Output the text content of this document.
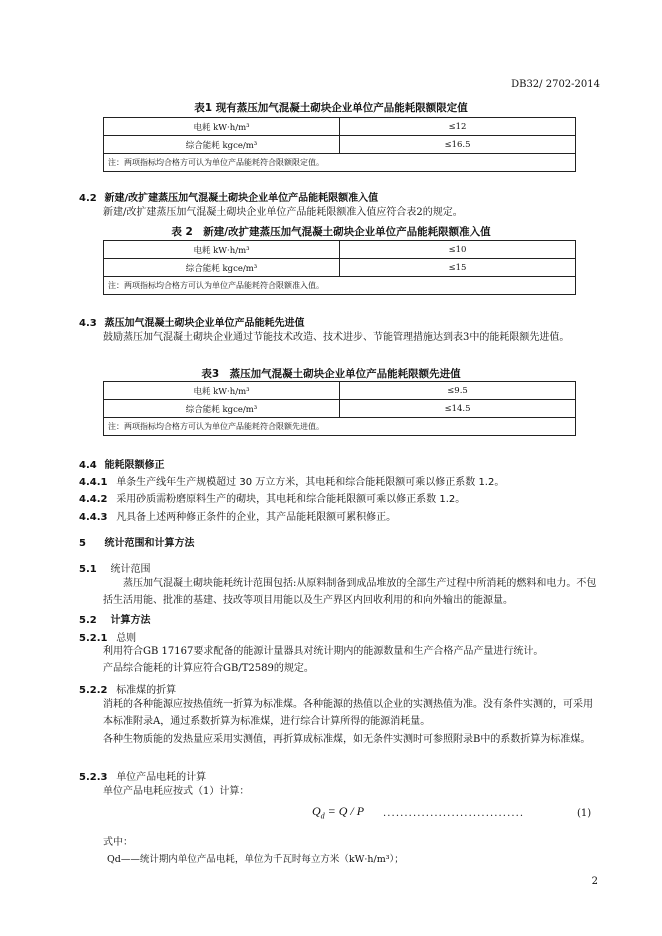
DB32/ 2702-2014
表1 现有蒸压加气混凝土砌块企业单位产品能耗限额限定值
电耗 kW·h/m³	≤12
综合能耗 kgce/m³	≤16.5
注：两项指标均合格方可认为单位产品能耗符合限额限定值。	
4.2 新建/改扩建蒸压加气混凝土砌块企业单位产品能耗限额准入值
新建/改扩建蒸压加气混凝土砌块企业单位产品能耗限额准入值应符合表2的规定。
表 2　新建/改扩建蒸压加气混凝土砌块企业单位产品能耗限额准入值
电耗 kW·h/m³	≤10
综合能耗 kgce/m³	≤15
注：两项指标均合格方可认为单位产品能耗符合限额准入值。	
4.3 蒸压加气混凝土砌块企业单位产品能耗先进值
鼓励蒸压加气混凝土砌块企业通过节能技术改造、技术进步、节能管理措施达到表3中的能耗限额先进值。
表3　蒸压加气混凝土砌块企业单位产品能耗限额先进值
电耗 kW·h/m³	≤9.5
综合能耗 kgce/m³	≤14.5
注：两项指标均合格方可认为单位产品能耗符合限额先进值。	
4.4 能耗限额修正
4.4.1 单条生产线年生产规模超过 30 万立方米，其电耗和综合能耗限额可乘以修正系数 1.2。
4.4.2 采用砂质需粉磨原料生产的砌块，其电耗和综合能耗限额可乘以修正系数 1.2。
4.4.3 凡具备上述两种修正条件的企业，其产品能耗限额可累积修正。
5 统计范围和计算方法
5.1 统计范围
蒸压加气混凝土砌块能耗统计范围包括:从原料制备到成品堆放的全部生产过程中所消耗的燃料和电力。不包括生活用能、批准的基建、技改等项目用能以及生产界区内回收利用的和向外输出的能源量。
5.2 计算方法
5.2.1 总则
利用符合GB 17167要求配备的能源计量器具对统计期内的能源数量和生产合格产品产量进行统计。
产品综合能耗的计算应符合GB/T2589的规定。
5.2.2 标准煤的折算
消耗的各种能源应按热值统一折算为标准煤。各种能源的热值以企业的实测热值为准。没有条件实测的，可采用本标准附录A，通过系数折算为标准煤，进行综合计算所得的能源消耗量。
各种生物质能的发热量应采用实测值，再折算成标准煤，如无条件实测时可参照附录B中的系数折算为标准煤。
5.2.3 单位产品电耗的计算
单位产品电耗应按式（1）计算：
$Q_d = Q / P$ .................................	(1)
式中：
Qd——统计期内单位产品电耗，单位为千瓦时每立方米（kW·h/m³）；
2
